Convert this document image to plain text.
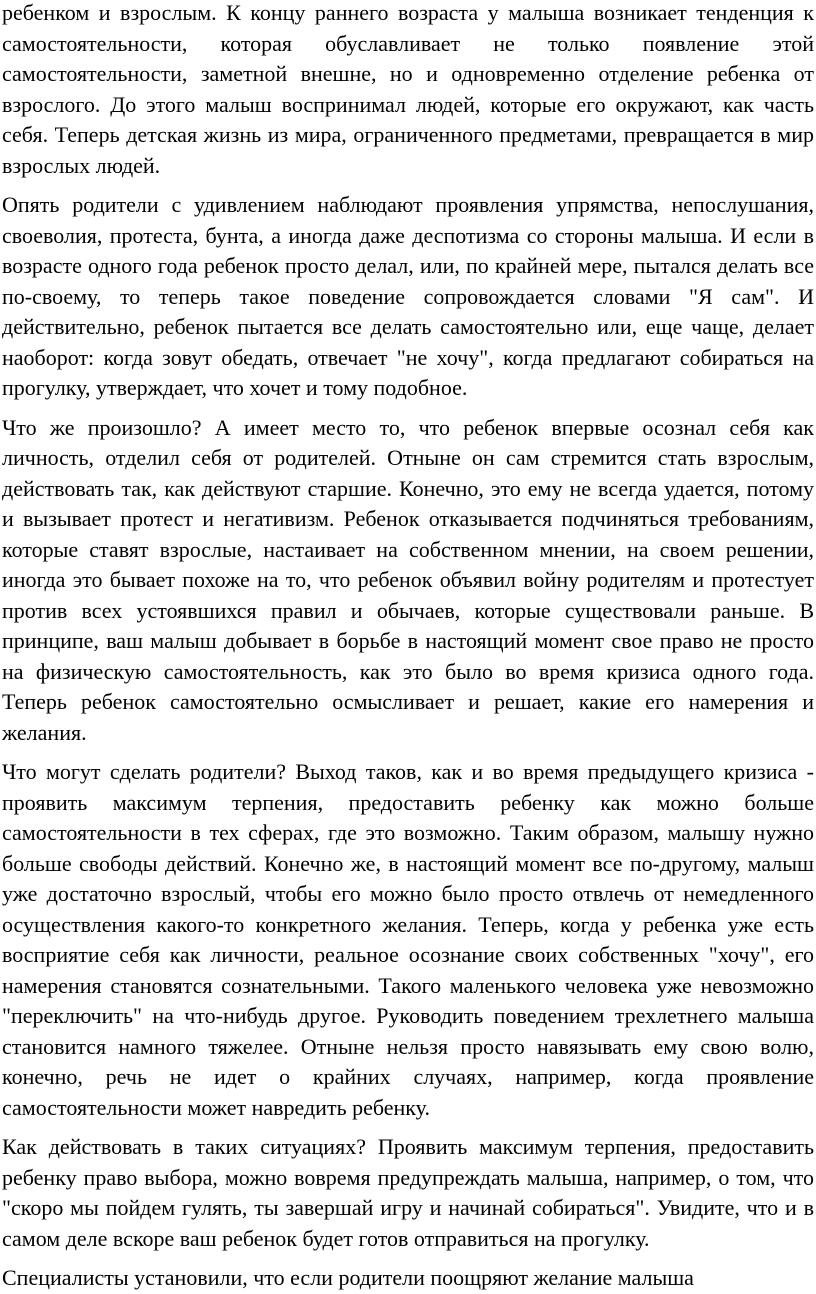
ребенком и взрослым. К концу раннего возраста у малыша возникает тенденция к самостоятельности, которая обуславливает не только появление этой самостоятельности, заметной внешне, но и одновременно отделение ребенка от взрослого. До этого малыш воспринимал людей, которые его окружают, как часть себя. Теперь детская жизнь из мира, ограниченного предметами, превращается в мир взрослых людей.

Опять родители с удивлением наблюдают проявления упрямства, непослушания, своеволия, протеста, бунта, а иногда даже деспотизма со стороны малыша. И если в возрасте одного года ребенок просто делал, или, по крайней мере, пытался делать все по-своему, то теперь такое поведение сопровождается словами "Я сам". И действительно, ребенок пытается все делать самостоятельно или, еще чаще, делает наоборот: когда зовут обедать, отвечает "не хочу", когда предлагают собираться на прогулку, утверждает, что хочет и тому подобное.

Что же произошло? А имеет место то, что ребенок впервые осознал себя как личность, отделил себя от родителей. Отныне он сам стремится стать взрослым, действовать так, как действуют старшие. Конечно, это ему не всегда удается, потому и вызывает протест и негативизм. Ребенок отказывается подчиняться требованиям, которые ставят взрослые, настаивает на собственном мнении, на своем решении, иногда это бывает похоже на то, что ребенок объявил войну родителям и протестует против всех устоявшихся правил и обычаев, которые существовали раньше. В принципе, ваш малыш добывает в борьбе в настоящий момент свое право не просто на физическую самостоятельность, как это было во время кризиса одного года. Теперь ребенок самостоятельно осмысливает и решает, какие его намерения и желания.

Что могут сделать родители? Выход таков, как и во время предыдущего кризиса - проявить максимум терпения, предоставить ребенку как можно больше самостоятельности в тех сферах, где это возможно. Таким образом, малышу нужно больше свободы действий. Конечно же, в настоящий момент все по-другому, малыш уже достаточно взрослый, чтобы его можно было просто отвлечь от немедленного осуществления какого-то конкретного желания. Теперь, когда у ребенка уже есть восприятие себя как личности, реальное осознание своих собственных "хочу", его намерения становятся сознательными. Такого маленького человека уже невозможно "переключить" на что-нибудь другое. Руководить поведением трехлетнего малыша становится намного тяжелее. Отныне нельзя просто навязывать ему свою волю, конечно, речь не идет о крайних случаях, например, когда проявление самостоятельности может навредить ребенку.

Как действовать в таких ситуациях? Проявить максимум терпения, предоставить ребенку право выбора, можно вовремя предупреждать малыша, например, о том, что "скоро мы пойдем гулять, ты завершай игру и начинай собираться". Увидите, что и в самом деле вскоре ваш ребенок будет готов отправиться на прогулку.

Специалисты установили, что если родители поощряют желание малыша
